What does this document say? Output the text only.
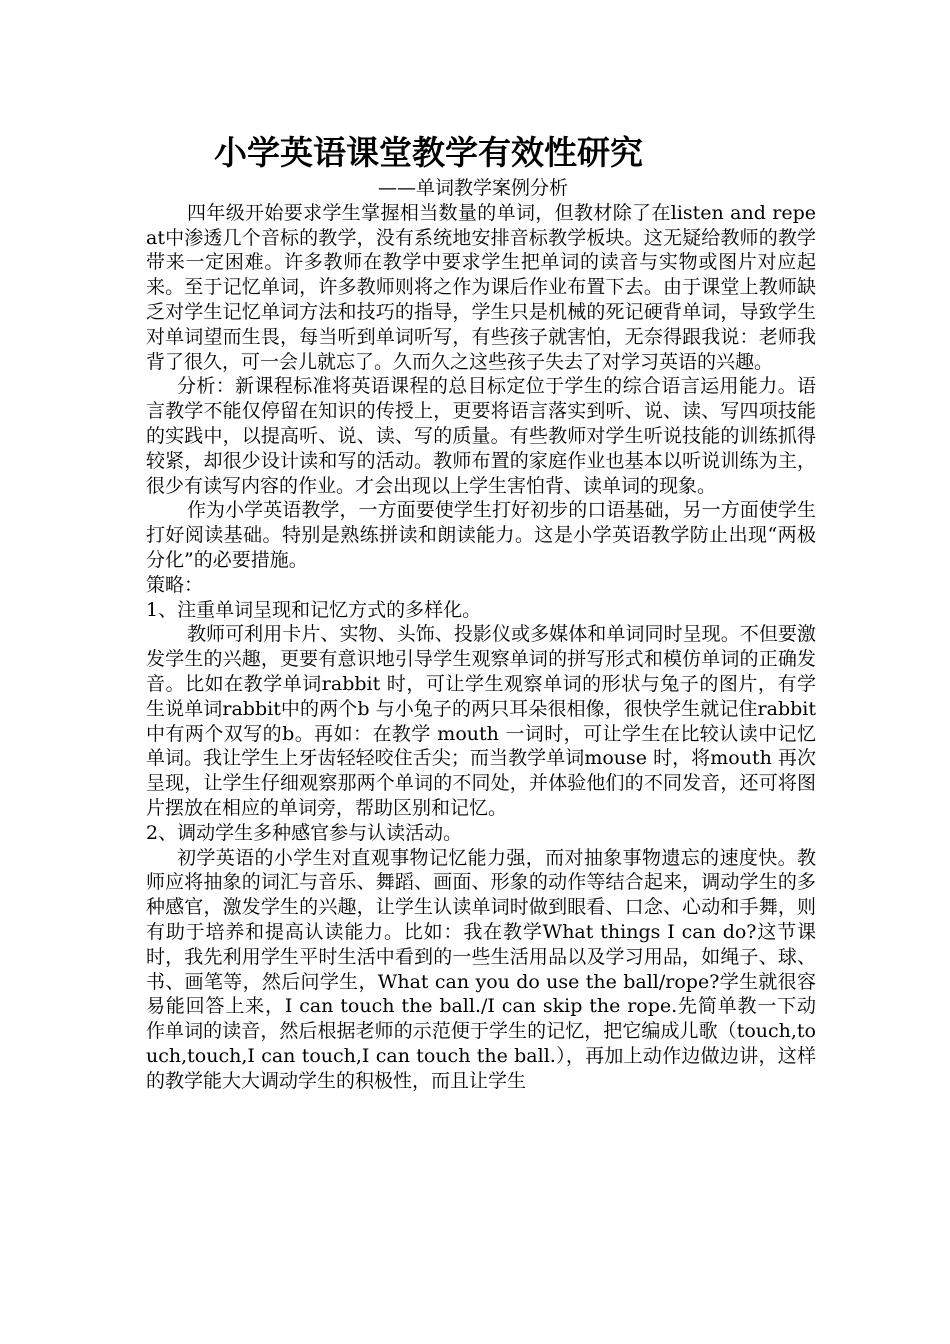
小学英语课堂教学有效性研究
——单词教学案例分析

四年级开始要求学生掌握相当数量的单词，但教材除了在listen and repeat中渗透几个音标的教学，没有系统地安排音标教学板块。这无疑给教师的教学带来一定困难。许多教师在教学中要求学生把单词的读音与实物或图片对应起来。至于记忆单词，许多教师则将之作为课后作业布置下去。由于课堂上教师缺乏对学生记忆单词方法和技巧的指导，学生只是机械的死记硬背单词，导致学生对单词望而生畏，每当听到单词听写，有些孩子就害怕，无奈得跟我说：老师我背了很久，可一会儿就忘了。久而久之这些孩子失去了对学习英语的兴趣。

分析：新课程标准将英语课程的总目标定位于学生的综合语言运用能力。语言教学不能仅停留在知识的传授上，更要将语言落实到听、说、读、写四项技能的实践中，以提高听、说、读、写的质量。有些教师对学生听说技能的训练抓得较紧，却很少设计读和写的活动。教师布置的家庭作业也基本以听说训练为主，很少有读写内容的作业。才会出现以上学生害怕背、读单词的现象。

作为小学英语教学，一方面要使学生打好初步的口语基础，另一方面使学生打好阅读基础。特别是熟练拼读和朗读能力。这是小学英语教学防止出现“两极分化”的必要措施。

策略：

1、注重单词呈现和记忆方式的多样化。

教师可利用卡片、实物、头饰、投影仪或多媒体和单词同时呈现。不但要激发学生的兴趣，更要有意识地引导学生观察单词的拼写形式和模仿单词的正确发音。比如在教学单词rabbit 时，可让学生观察单词的形状与兔子的图片，有学生说单词rabbit中的两个b 与小兔子的两只耳朵很相像，很快学生就记住rabbit中有两个双写的b。再如：在教学 mouth 一词时，可让学生在比较认读中记忆单词。我让学生上牙齿轻轻咬住舌尖；而当教学单词mouse 时，将mouth 再次呈现，让学生仔细观察那两个单词的不同处，并体验他们的不同发音，还可将图片摆放在相应的单词旁，帮助区别和记忆。

2、调动学生多种感官参与认读活动。

初学英语的小学生对直观事物记忆能力强，而对抽象事物遗忘的速度快。教师应将抽象的词汇与音乐、舞蹈、画面、形象的动作等结合起来，调动学生的多种感官，激发学生的兴趣，让学生认读单词时做到眼看、口念、心动和手舞，则有助于培养和提高认读能力。比如：我在教学What things I can do?这节课时，我先利用学生平时生活中看到的一些生活用品以及学习用品，如绳子、球、书、画笔等，然后问学生，What can you do use the ball/rope?学生就很容易能回答上来，I can touch the ball./I can skip the rope.先简单教一下动作单词的读音，然后根据老师的示范便于学生的记忆，把它编成儿歌（touch,touch,touch,I can touch,I can touch the ball.），再加上动作边做边讲，这样的教学能大大调动学生的积极性，而且让学生
